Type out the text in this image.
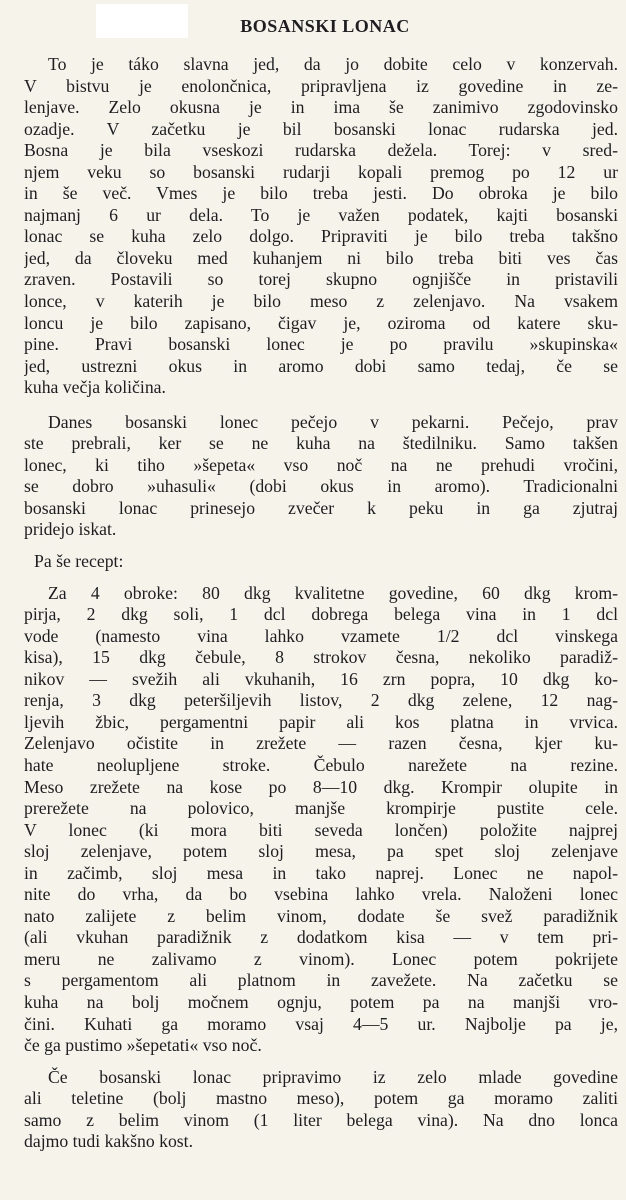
BOSANSKI LONAC
To je táko slavna jed, da jo dobite celo v konzervah.
V bistvu je enolončnica, pripravljena iz govedine in ze-
lenjave. Zelo okusna je in ima še zanimivo zgodovinsko
ozadje. V začetku je bil bosanski lonac rudarska jed.
Bosna je bila vseskozi rudarska dežela. Torej: v sred-
njem veku so bosanski rudarji kopali premog po 12 ur
in še več. Vmes je bilo treba jesti. Do obroka je bilo
najmanj 6 ur dela. To je važen podatek, kajti bosanski
lonac se kuha zelo dolgo. Pripraviti je bilo treba takšno
jed, da človeku med kuhanjem ni bilo treba biti ves čas
zraven. Postavili so torej skupno ognjišče in pristavili
lonce, v katerih je bilo meso z zelenjavo. Na vsakem
loncu je bilo zapisano, čigav je, oziroma od katere sku-
pine. Pravi bosanski lonec je po pravilu »skupinska«
jed, ustrezni okus in aromo dobi samo tedaj, če se
kuha večja količina.
Danes bosanski lonec pečejo v pekarni. Pečejo, prav
ste prebrali, ker se ne kuha na štedilniku. Samo takšen
lonec, ki tiho »šepeta« vso noč na ne prehudi vročini,
se dobro »uhasuli« (dobi okus in aromo). Tradicionalni
bosanski lonac prinesejo zvečer k peku in ga zjutraj
pridejo iskat.
Pa še recept:
Za 4 obroke: 80 dkg kvalitetne govedine, 60 dkg krom-
pirja, 2 dkg soli, 1 dcl dobrega belega vina in 1 dcl
vode (namesto vina lahko vzamete 1/2 dcl vinskega
kisa), 15 dkg čebule, 8 strokov česna, nekoliko paradiž-
nikov — svežih ali vkuhanih, 16 zrn popra, 10 dkg ko-
renja, 3 dkg peteršiljevih listov, 2 dkg zelene, 12 nag-
ljevih žbic, pergamentni papir ali kos platna in vrvica.
Zelenjavo očistite in zrežete — razen česna, kjer ku-
hate neolupljene stroke. Čebulo narežete na rezine.
Meso zrežete na kose po 8—10 dkg. Krompir olupite in
prerežete na polovico, manjše krompirje pustite cele.
V lonec (ki mora biti seveda lončen) položite najprej
sloj zelenjave, potem sloj mesa, pa spet sloj zelenjave
in začimb, sloj mesa in tako naprej. Lonec ne napol-
nite do vrha, da bo vsebina lahko vrela. Naloženi lonec
nato zalijete z belim vinom, dodate še svež paradižnik
(ali vkuhan paradižnik z dodatkom kisa — v tem pri-
meru ne zalivamo z vinom). Lonec potem pokrijete
s pergamentom ali platnom in zavežete. Na začetku se
kuha na bolj močnem ognju, potem pa na manjši vro-
čini. Kuhati ga moramo vsaj 4—5 ur. Najbolje pa je,
če ga pustimo »šepetati« vso noč.
Če bosanski lonac pripravimo iz zelo mlade govedine
ali teletine (bolj mastno meso), potem ga moramo zaliti
samo z belim vinom (1 liter belega vina). Na dno lonca
dajmo tudi kakšno kost.
